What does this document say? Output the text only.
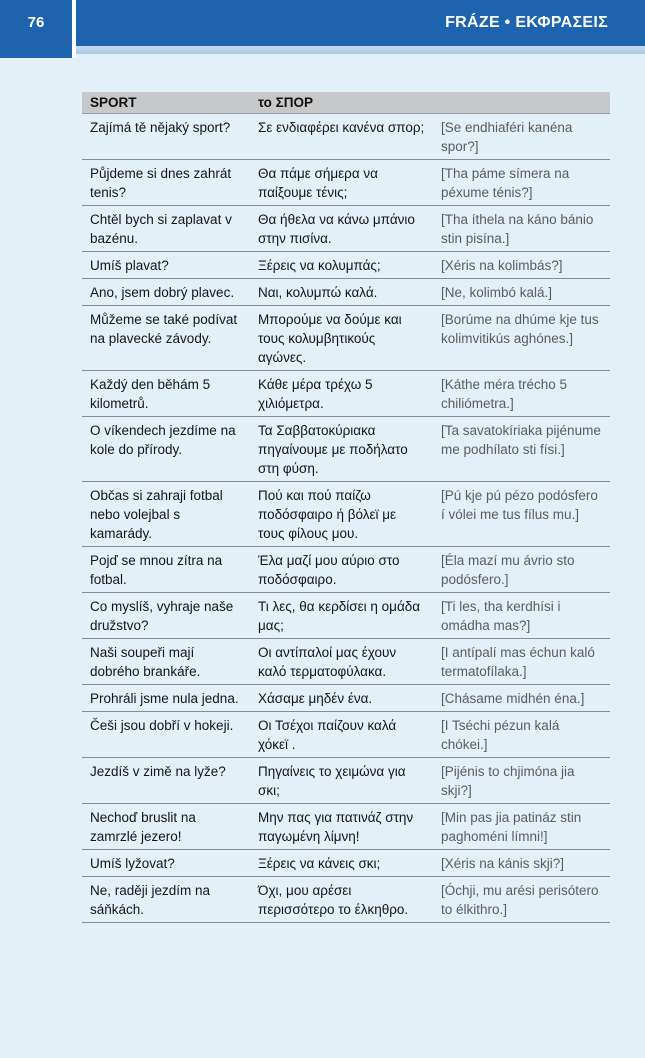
76	FRÁZE • ΕΚΦΡΑΣΕΙΣ
SPORT	το ΣΠΟΡ	
Zajímá tě nějaký sport?	Σε ενδιαφέρει κανένα σπορ;	[Se endhiaféri kanéna spor?]
Půjdeme si dnes zahrát tenis?	Θα πάμε σήμερα να παίξουμε τένις;	[Tha páme símera na péxume ténis?]
Chtěl bych si zaplavat v bazénu.	Θα ήθελα να κάνω μπάνιο στην πισίνα.	[Tha íthela na káno bánio stin pisína.]
Umíš plavat?	Ξέρεις να κολυμπάς;	[Xéris na kolimbás?]
Ano, jsem dobrý plavec.	Ναι, κολυμπώ καλά.	[Ne, kolimbó kalá.]
Můžeme se také podívat na plavecké závody.	Μπορούμε να δούμε και τους κολυμβητικούς αγώνες.	[Borúme na dhúme kje tus kolimvitikús aghónes.]
Každý den běhám 5 kilometrů.	Κάθε μέρα τρέχω 5 χιλιόμετρα.	[Káthe méra trécho 5 chiliómetra.]
O víkendech jezdíme na kole do přírody.	Τα Σαββατοκύριακα πηγαίνουμε με ποδήλατο στη φύση.	[Ta savatokíriaka pijénume me podhílato sti físi.]
Občas si zahraji fotbal nebo volejbal s kamarády.	Πού και πού παίζω ποδόσφαιρο ή βόλεϊ με τους φίλους μου.	[Pú kje pú pézo podósfero í vólei me tus fílus mu.]
Pojď se mnou zítra na fotbal.	Έλα μαζί μου αύριο στο ποδόσφαιρο.	[Éla mazí mu ávrio sto podósfero.]
Co myslíš, vyhraje naše družstvo?	Τι λες, θα κερδίσει η ομάδα μας;	[Ti les, tha kerdhísi i omádha mas?]
Naši soupeři mají dobrého brankáře.	Οι αντίπαλοί μας έχουν καλό τερματοφύλακα.	[I antípalí mas échun kaló termatofílaka.]
Prohráli jsme nula jedna.	Χάσαμε μηδέν ένα.	[Chásame midhén éna.]
Češi jsou dobří v hokeji.	Οι Τσέχοι παίζουν καλά χόκεϊ .	[I Tséchi pézun kalá chókei.]
Jezdíš v zimě na lyže?	Πηγαίνεις το χειμώνα για σκι;	[Pijénis to chjimóna jia skji?]
Nechoď bruslit na zamrzlé jezero!	Μην πας για πατινάζ στην παγωμένη λίμνη!	[Min pas jia patináz stin paghoméni límni!]
Umíš lyžovat?	Ξέρεις να κάνεις σκι;	[Xéris na kánis skji?]
Ne, raději jezdím na sáňkách.	Όχι, μου αρέσει περισσότερο το έλκηθρο.	[Óchji, mu arési perisótero to élkithro.]
